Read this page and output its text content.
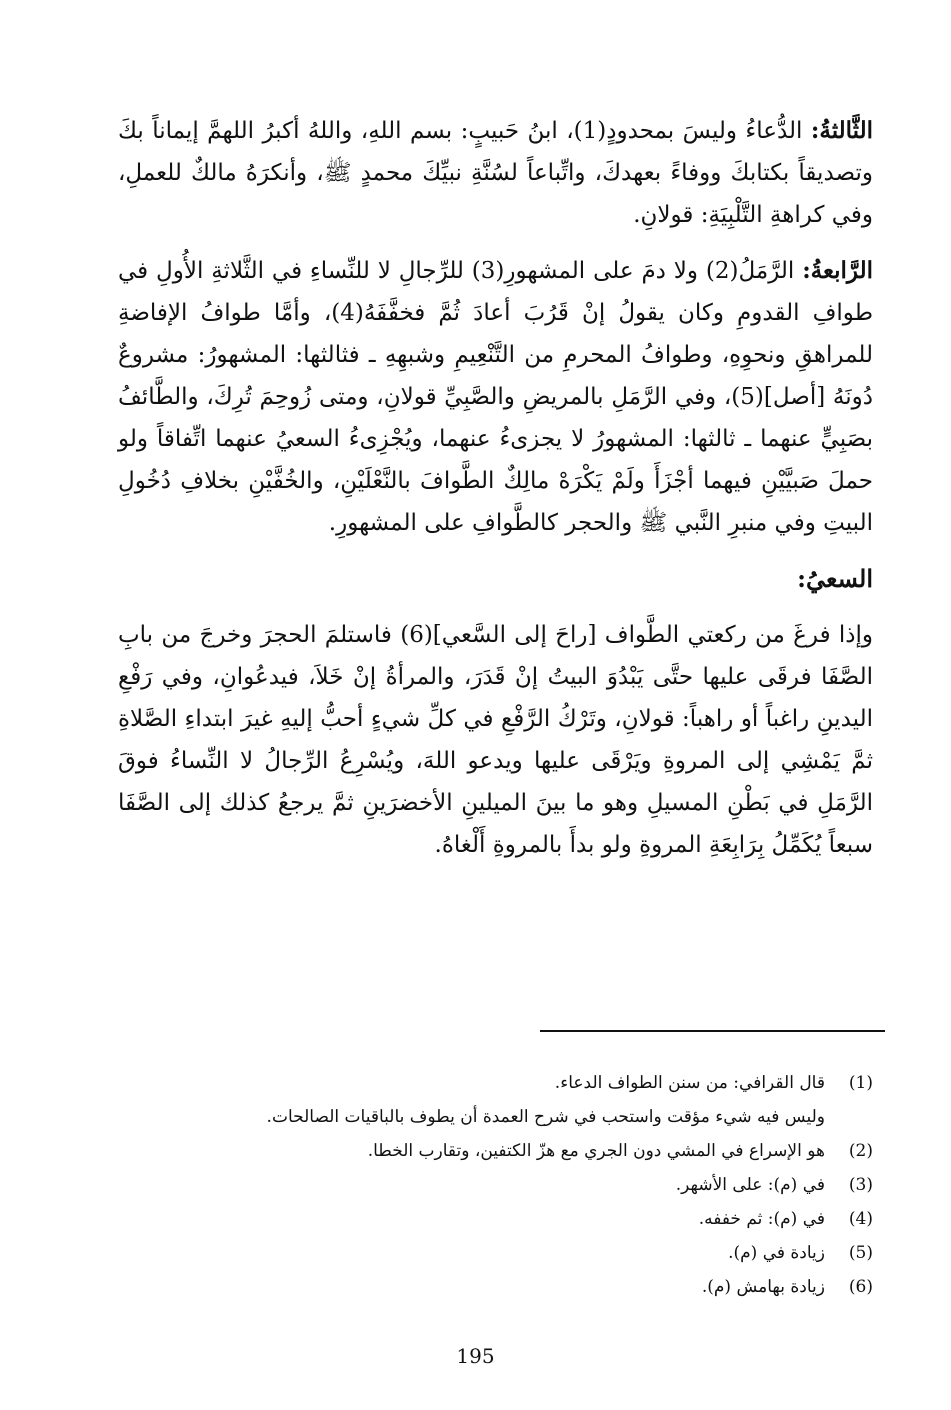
الثَّالثةُ: الدُّعاءُ وليسَ بمحدودٍ(1)، ابنُ حَبيبٍ: بسم اللهِ، واللهُ أكبرُ اللهمَّ إيماناً بكَ وتصديقاً بكتابكَ ووفاءً بعهدكَ، واتِّباعاً لسُنَّةِ نبيِّكَ محمدٍ ﷺ، وأنكرَهُ مالكٌ للعملِ، وفي كراهةِ التَّلْبِيَةِ: قولانِ.

الرَّابعةُ: الرَّمَلُ(2) ولا دمَ على المشهورِ(3) للرِّجالِ لا للنِّساءِ في الثَّلاثةِ الأُولِ في طوافِ القدومِ وكان يقولُ إنْ قَرُبَ أعادَ ثُمَّ فخفَّفَهُ(4)، وأمَّا طوافُ الإفاضةِ للمراهقِ ونحوِهِ، وطوافُ المحرمِ من التَّنْعِيمِ وشبهِهِ ـ فثالثها: المشهورُ: مشروعٌ دُونَهُ [أصل](5)، وفي الرَّمَلِ بالمريضِ والصَّبِيِّ قولانِ، ومتى زُوحِمَ تُرِكَ، والطَّائفُ بصَبِيٍّ عنهما ـ ثالثها: المشهورُ لا يجزىءُ عنهما، ويُجْزِىءُ السعيُ عنهما اتِّفاقاً ولو حملَ صَبيَّيْنِ فيهما أجْزَأَ ولَمْ يَكْرَهْ مالِكٌ الطَّوافَ بالنَّعْلَيْنِ، والخُفَّيْنِ بخلافِ دُخُولِ البيتِ وفي منبرِ النَّبي ﷺ والحجر كالطَّوافِ على المشهورِ.

السعيُ:

وإذا فرغَ من ركعتي الطَّواف [راحَ إلى السَّعي](6) فاستلمَ الحجرَ وخرجَ من بابِ الصَّفَا فرقَى عليها حتَّى يَبْدُوَ البيتُ إنْ قَدَرَ، والمرأةُ إنْ خَلاَ، فيدعُوانِ، وفي رَفْعِ اليدينِ راغباً أو راهباً: قولانِ، وتَرْكُ الرَّفْعِ في كلِّ شيءٍ أحبُّ إليهِ غيرَ ابتداءِ الصَّلاةِ ثمَّ يَمْشِي إلى المروةِ ويَرْقَى عليها ويدعو اللهَ، ويُسْرِعُ الرِّجالُ لا النِّساءُ فوقَ الرَّمَلِ في بَطْنِ المسيلِ وهو ما بينَ الميلينِ الأخضرَينِ ثمَّ يرجعُ كذلك إلى الصَّفَا سبعاً يُكَمِّلُ بِرَابِعَةِ المروةِ ولو بدأَ بالمروةِ أَلْغاهُ.

(1)
قال القرافي: من سنن الطواف الدعاء.
وليس فيه شيء مؤقت واستحب في شرح العمدة أن يطوف بالباقيات الصالحات.
(2)
هو الإسراع في المشي دون الجري مع هزّ الكتفين، وتقارب الخطا.
(3)
في (م): على الأشهر.
(4)
في (م): ثم خففه.
(5)
زيادة في (م).
(6)
زيادة بهامش (م).
195
